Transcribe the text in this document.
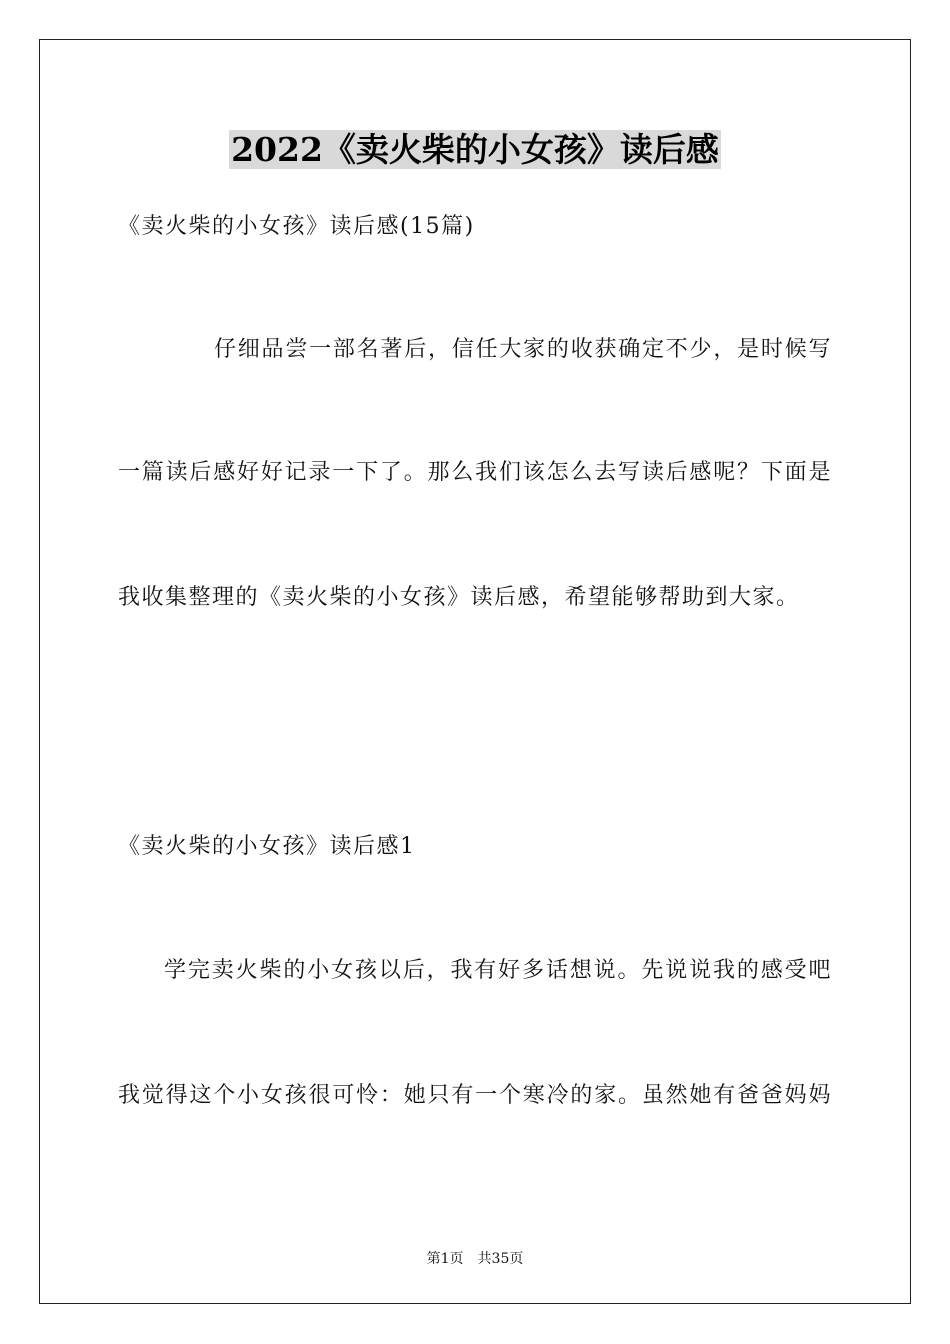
2022《卖火柴的小女孩》读后感
《卖火柴的小女孩》读后感(15篇)
仔细品尝一部名著后，信任大家的收获确定不少，是时候写
一篇读后感好好记录一下了。那么我们该怎么去写读后感呢？下面是
我收集整理的《卖火柴的小女孩》读后感，希望能够帮助到大家。
《卖火柴的小女孩》读后感1
学完卖火柴的小女孩以后，我有好多话想说。先说说我的感受吧
我觉得这个小女孩很可怜：她只有一个寒冷的家。虽然她有爸爸妈妈
第1页 共35页
